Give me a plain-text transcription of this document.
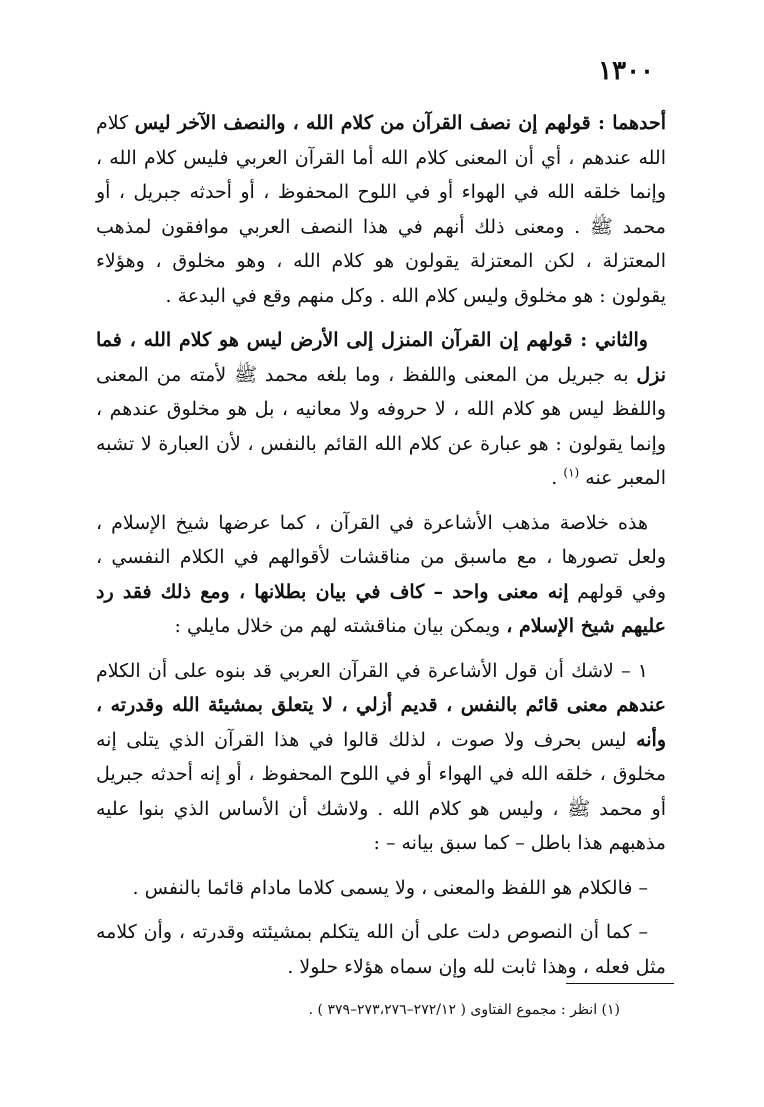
١٣٠٠

أحدهما : قولهم إن نصف القرآن من كلام الله ، والنصف الآخر ليس كلام الله عندهم ، أي أن المعنى كلام الله أما القرآن العربي فليس كلام الله ، وإنما خلقه الله في الهواء أو في اللوح المحفوظ ، أو أحدثه جبريل ، أو محمد ﷺ . ومعنى ذلك أنهم في هذا النصف العربي موافقون لمذهب المعتزلة ، لكن المعتزلة يقولون هو كلام الله ، وهو مخلوق ، وهؤلاء يقولون : هو مخلوق وليس كلام الله . وكل منهم وقع في البدعة .

والثاني : قولهم إن القرآن المنزل إلى الأرض ليس هو كلام الله ، فما نزل به جبريل من المعنى واللفظ ، وما بلغه محمد ﷺ لأمته من المعنى واللفظ ليس هو كلام الله ، لا حروفه ولا معانيه ، بل هو مخلوق عندهم ، وإنما يقولون : هو عبارة عن كلام الله القائم بالنفس ، لأن العبارة لا تشبه المعبر عنه $^{(١)}$ .

هذه خلاصة مذهب الأشاعرة في القرآن ، كما عرضها شيخ الإسلام ، ولعل تصورها ، مع ماسبق من مناقشات لأقوالهم في الكلام النفسي ، وفي قولهم إنه معنى واحد – كاف في بيان بطلانها ، ومع ذلك فقد رد عليهم شيخ الإسلام ، ويمكن بيان مناقشته لهم من خلال مايلي :

١ – لاشك أن قول الأشاعرة في القرآن العربي قد بنوه على أن الكلام عندهم معنى قائم بالنفس ، قديم أزلي ، لا يتعلق بمشيئة الله وقدرته ، وأنه ليس بحرف ولا صوت ، لذلك قالوا في هذا القرآن الذي يتلى إنه مخلوق ، خلقه الله في الهواء أو في اللوح المحفوظ ، أو إنه أحدثه جبريل أو محمد ﷺ ، وليس هو كلام الله . ولاشك أن الأساس الذي بنوا عليه مذهبهم هذا باطل – كما سبق بيانه – :

– فالكلام هو اللفظ والمعنى ، ولا يسمى كلاما مادام قائما بالنفس .

– كما أن النصوص دلت على أن الله يتكلم بمشيئته وقدرته ، وأن كلامه مثل فعله ، وهذا ثابت لله وإن سماه هؤلاء حلولا .

(١) انظر : مجموع الفتاوى ( ٢٧٢/١٢–٢٧٣،٢٧٦–٣٧٩ ) .
